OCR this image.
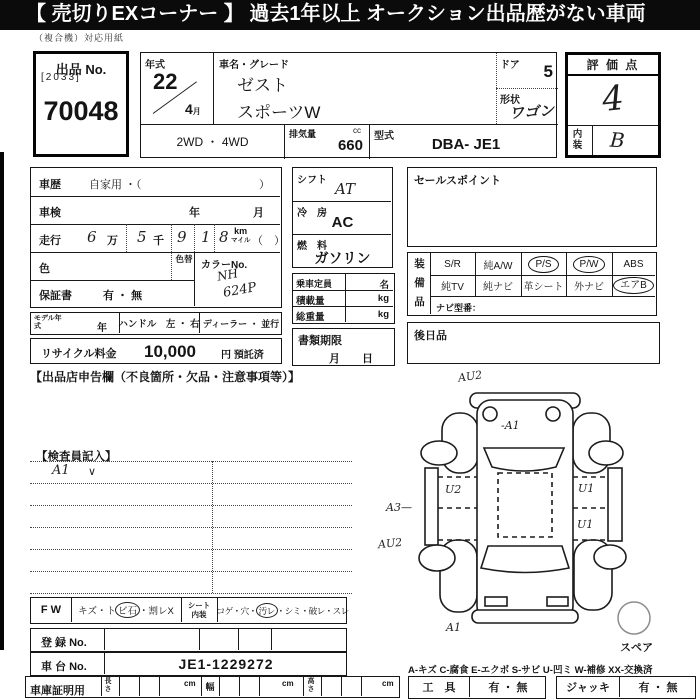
【 売切りEXコーナー 】 過去1年以上 オークション出品歴がない車両
（複合機）対応用紙
出品 No.
[2033]
70048
年式
22
4月
車名・グレード
ゼスト
スポーツW
ドア	5
形状
ワゴン
2WD ・ 4WD
排気量	cc
660
型式	DBA- JE1
評 価 点
4
内装 B
車歴	自家用 ・（	）
車検	年	月
走行 6 万 5 千 9 1 8 km
マイル （　）
色
色替
カラーNo.
NH
624P
保証書	有 ・ 無
シフト AT
冷　房
AC
燃　料
ガソリン
乗車定員	名
積載量	kg
総重量	kg
書類期限
月　　日
セールスポイント
装備品
S/R	純A/W	P/S	P/W	ABS
純TV	純ナビ	革シート	外ナビ	エアB
ナビ型番：
後日品
モデル年式	年 ハンドル　左 ・ 右 ディーラー ・ 並行
リサイクル料金 10,000	円 預託済
【出品店申告欄（不良箇所・欠品・注意事項等）】
【検査員記入】
A1 ∨
AU2
-A1
A3—
AU2
U2	U1
U1
A1
スペア
F W	キズ・ト ビ石 ・割レX
シート内装	コゲ・穴・ 汚レ ・シミ・破レ・スレ
登 録 No.
車 台 No.	JE1-1229272
車庫証明用
長さ
cm	幅	cm 高さ
cm
A-キズ C-腐食 E-エクボ S-サビ U-凹ミ W-補修 XX-交換済
工　具	有 ・ 無	ジャッキ	有 ・ 無
